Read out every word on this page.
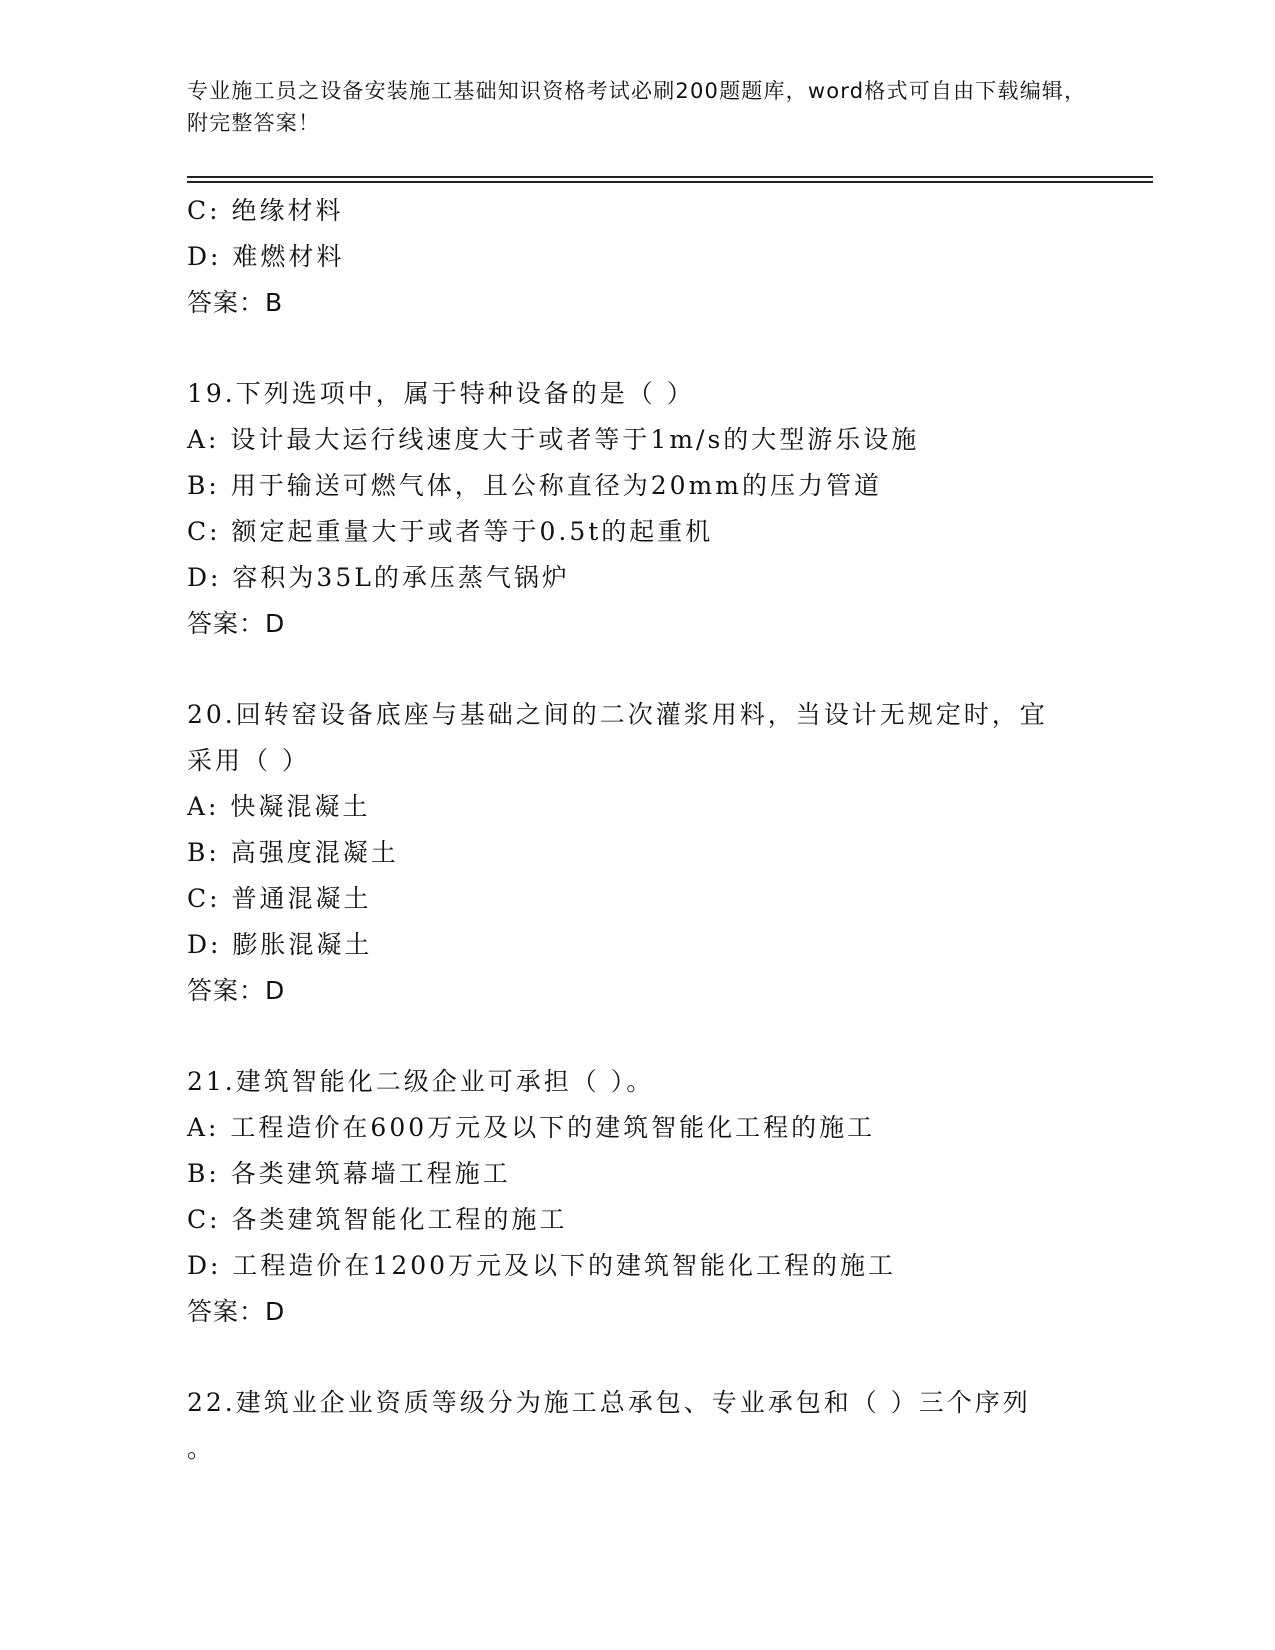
专业施工员之设备安装施工基础知识资格考试必刷200题题库，word格式可自由下载编辑，附完整答案！
C: 绝缘材料
D: 难燃材料
答案：B
19.下列选项中，属于特种设备的是（ ）
A: 设计最大运行线速度大于或者等于1m/s的大型游乐设施
B: 用于输送可燃气体，且公称直径为20mm的压力管道
C: 额定起重量大于或者等于0.5t的起重机
D: 容积为35L的承压蒸气锅炉
答案：D
20.回转窑设备底座与基础之间的二次灌浆用料，当设计无规定时，宜
采用（ ）
A: 快凝混凝土
B: 高强度混凝土
C: 普通混凝土
D: 膨胀混凝土
答案：D
21.建筑智能化二级企业可承担（ ）。
A: 工程造价在600万元及以下的建筑智能化工程的施工
B: 各类建筑幕墙工程施工
C: 各类建筑智能化工程的施工
D: 工程造价在1200万元及以下的建筑智能化工程的施工
答案：D
22.建筑业企业资质等级分为施工总承包、专业承包和（ ）三个序列
。
